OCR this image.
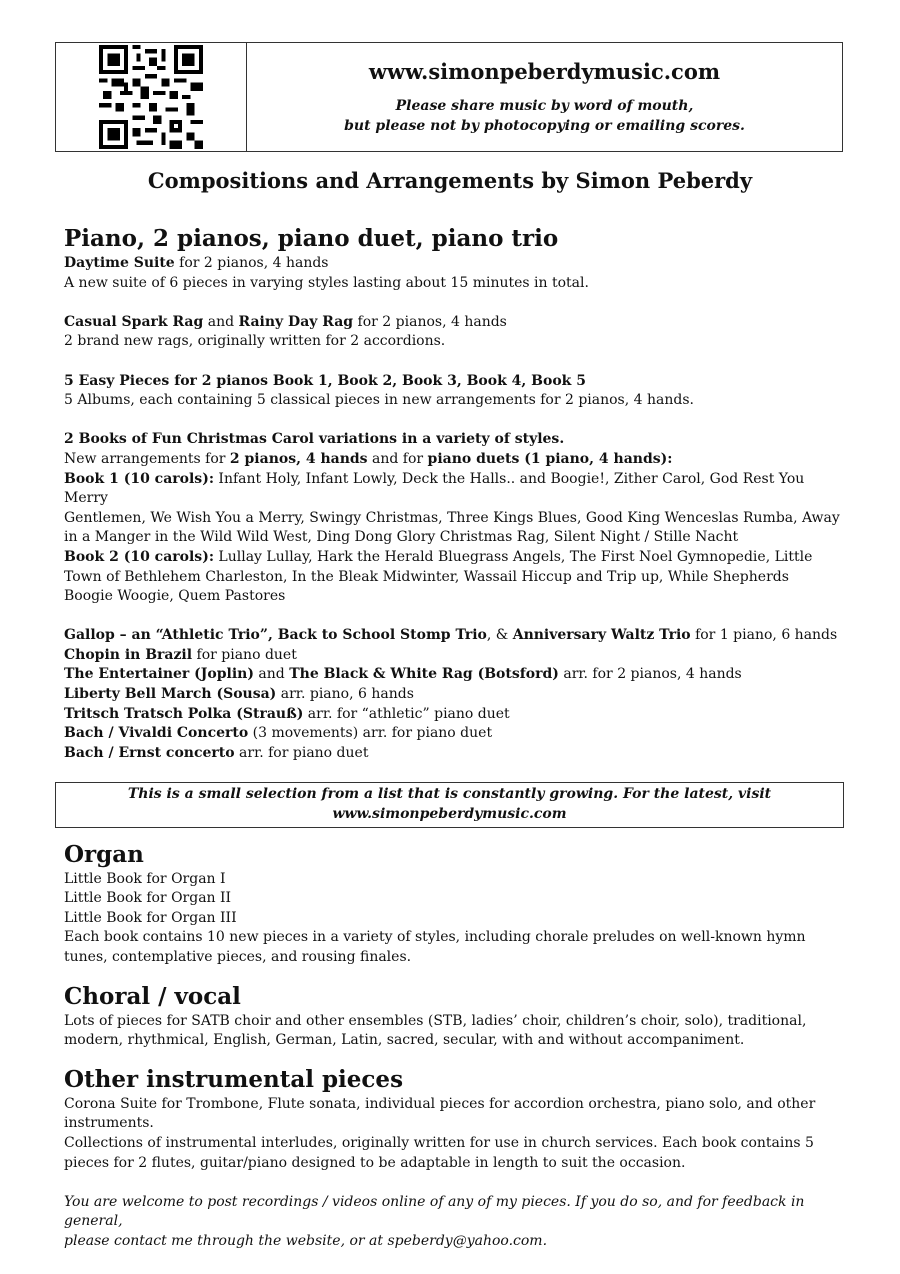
www.simonpeberdymusic.com
Please share music by word of mouth,
but please not by photocopying or emailing scores.
Compositions and Arrangements by Simon Peberdy
Piano, 2 pianos, piano duet, piano trio
Daytime Suite for 2 pianos, 4 hands
A new suite of 6 pieces in varying styles lasting about 15 minutes in total.
Casual Spark Rag and Rainy Day Rag for 2 pianos, 4 hands
2 brand new rags, originally written for 2 accordions.
5 Easy Pieces for 2 pianos Book 1, Book 2, Book 3, Book 4, Book 5
5 Albums, each containing 5 classical pieces in new arrangements for 2 pianos, 4 hands.
2 Books of Fun Christmas Carol variations in a variety of styles.
New arrangements for 2 pianos, 4 hands and for piano duets (1 piano, 4 hands):
Book 1 (10 carols): Infant Holy, Infant Lowly, Deck the Halls.. and Boogie!, Zither Carol, God Rest You Merry
Gentlemen, We Wish You a Merry, Swingy Christmas, Three Kings Blues, Good King Wenceslas Rumba, Away
in a Manger in the Wild Wild West, Ding Dong Glory Christmas Rag, Silent Night / Stille Nacht
Book 2 (10 carols): Lullay Lullay, Hark the Herald Bluegrass Angels, The First Noel Gymnopedie, Little
Town of Bethlehem Charleston, In the Bleak Midwinter, Wassail Hiccup and Trip up, While Shepherds
Boogie Woogie, Quem Pastores
Gallop – an “Athletic Trio”, Back to School Stomp Trio, & Anniversary Waltz Trio for 1 piano, 6 hands
Chopin in Brazil for piano duet
The Entertainer (Joplin) and The Black & White Rag (Botsford) arr. for 2 pianos, 4 hands
Liberty Bell March (Sousa) arr. piano, 6 hands
Tritsch Tratsch Polka (Strauß) arr. for “athletic” piano duet
Bach / Vivaldi Concerto (3 movements) arr. for piano duet
Bach / Ernst concerto arr. for piano duet
This is a small selection from a list that is constantly growing. For the latest, visit
www.simonpeberdymusic.com
Organ
Little Book for Organ I
Little Book for Organ II
Little Book for Organ III
Each book contains 10 new pieces in a variety of styles, including chorale preludes on well-known hymn
tunes, contemplative pieces, and rousing finales.
Choral / vocal
Lots of pieces for SATB choir and other ensembles (STB, ladies’ choir, children’s choir, solo), traditional,
modern, rhythmical, English, German, Latin, sacred, secular, with and without accompaniment.
Other instrumental pieces
Corona Suite for Trombone, Flute sonata, individual pieces for accordion orchestra, piano solo, and other
instruments.
Collections of instrumental interludes, originally written for use in church services. Each book contains 5
pieces for 2 flutes, guitar/piano designed to be adaptable in length to suit the occasion.
You are welcome to post recordings / videos online of any of my pieces. If you do so, and for feedback in general,
please contact me through the website, or at speberdy@yahoo.com.
